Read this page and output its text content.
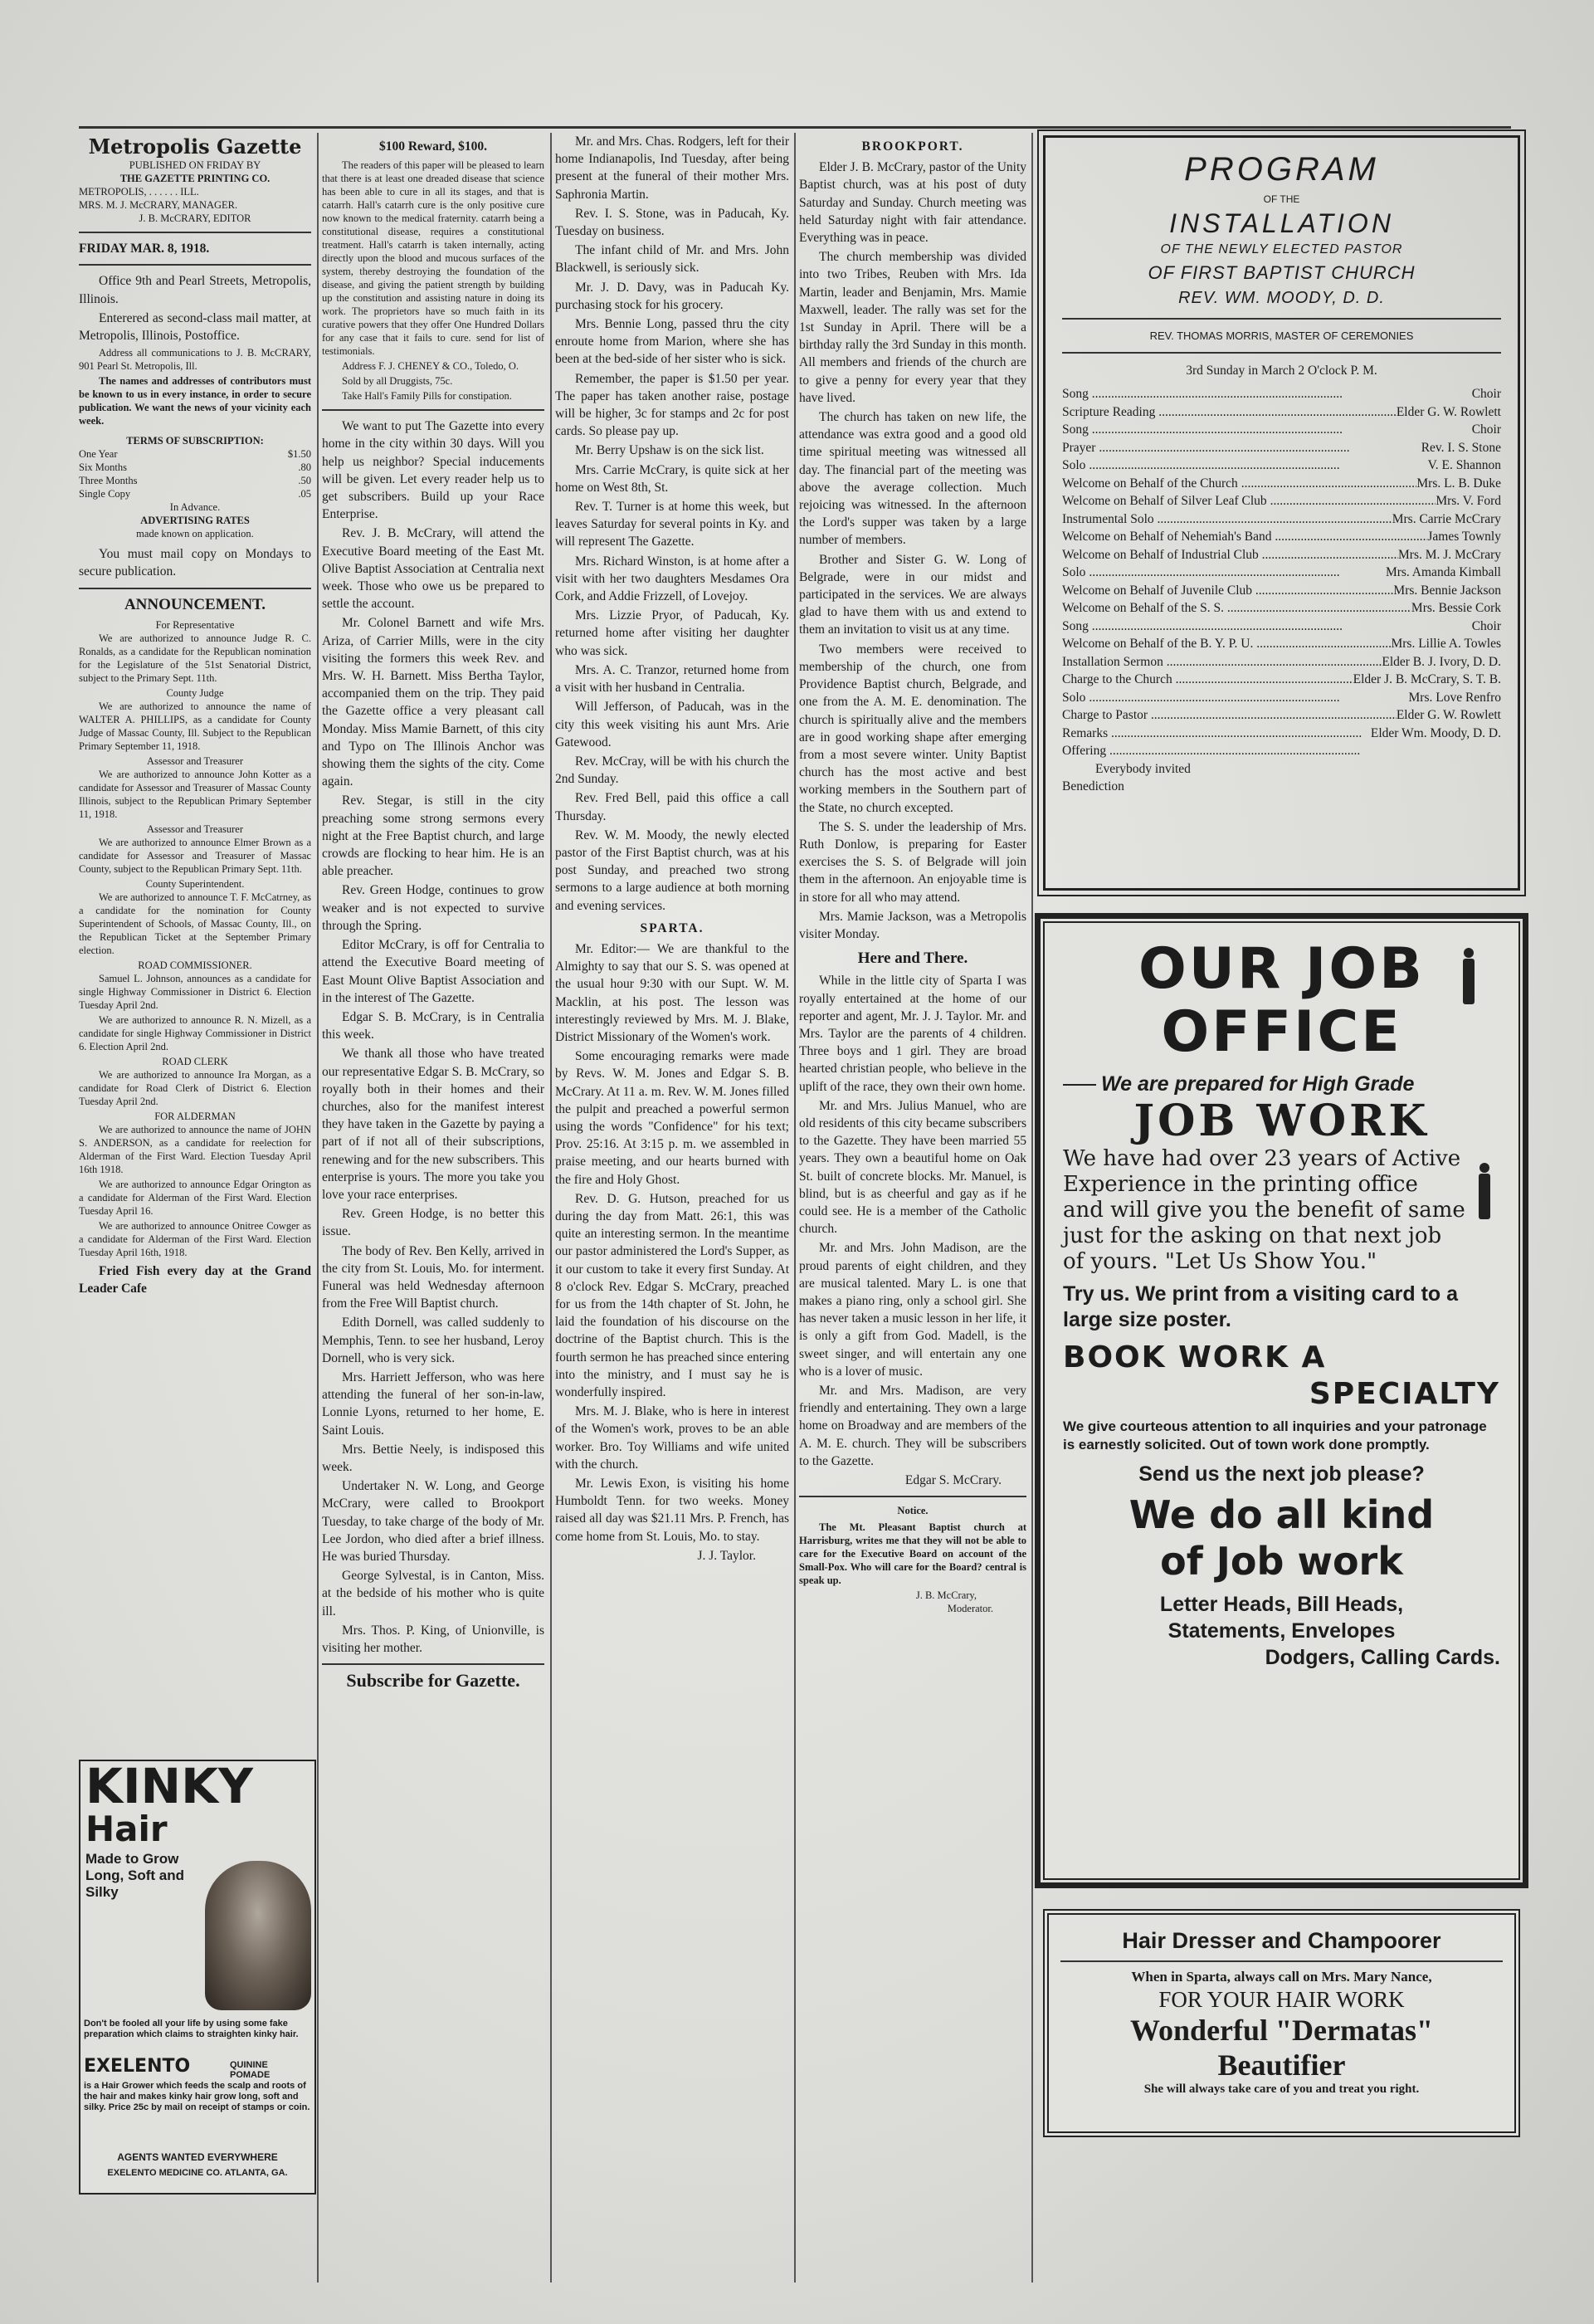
Metropolis Gazette
PUBLISHED ON FRIDAY BY
THE GAZETTE PRINTING CO.
METROPOLIS, . . . . . . ILL.
MRS. M. J. McCRARY, MANAGER.
J. B. McCRARY, EDITOR
FRIDAY MAR. 8, 1918.

Office 9th and Pearl Streets, Metropolis, Illinois.

Enterered as second-class mail matter, at Metropolis, Illinois, Postoffice.

Address all communications to J. B. McCRARY, 901 Pearl St. Metropolis, Ill.

The names and addresses of contributors must be known to us in every instance, in order to secure publication. We want the news of your vicinity each week.

TERMS OF SUBSCRIPTION:
One Year	$1.50
Six Months	.80
Three Months	.50
Single Copy	.05
In Advance.
ADVERTISING RATES
made known on application.

You must mail copy on Mondays to secure publication.

ANNOUNCEMENT.
For Representative

We are authorized to announce Judge R. C. Ronalds, as a candidate for the Republican nomination for the Legislature of the 51st Senatorial District, subject to the Primary Sept. 11th.

County Judge

We are authorized to announce the name of WALTER A. PHILLIPS, as a candidate for County Judge of Massac County, Ill. Subject to the Republican Primary September 11, 1918.

Assessor and Treasurer

We are authorized to announce John Kotter as a candidate for Assessor and Treasurer of Massac County Illinois, subject to the Republican Primary September 11, 1918.

Assessor and Treasurer

We are authorized to announce Elmer Brown as a candidate for Assessor and Treasurer of Massac County, subject to the Republican Primary Sept. 11th.

County Superintendent.

We are authorized to announce T. F. McCatrney, as a candidate for the nomination for County Superintendent of Schools, of Massac County, Ill., on the Republican Ticket at the September Primary election.

ROAD COMMISSIONER.

Samuel L. Johnson, announces as a candidate for single Highway Commissioner in District 6. Election Tuesday April 2nd.

We are authorized to announce R. N. Mizell, as a candidate for single Highway Commissioner in District 6. Election April 2nd.

ROAD CLERK

We are authorized to announce Ira Morgan, as a candidate for Road Clerk of District 6. Election Tuesday April 2nd.

FOR ALDERMAN

We are authorized to announce the name of JOHN S. ANDERSON, as a candidate for reelection for Alderman of the First Ward. Election Tuesday April 16th 1918.

We are authorized to announce Edgar Orington as a candidate for Alderman of the First Ward. Election Tuesday April 16.

We are authorized to announce Onitree Cowger as a candidate for Alderman of the First Ward. Election Tuesday April 16th, 1918.

Fried Fish every day at the Grand Leader Cafe

KINKY
Hair
Made to Grow Long, Soft and Silky
Don't be fooled all your life by using some fake preparation which claims to straighten kinky hair.
EXELENTO	QUININE POMADE
is a Hair Grower which feeds the scalp and roots of the hair and makes kinky hair grow long, soft and silky. Price 25c by mail on receipt of stamps or coin.
AGENTS WANTED EVERYWHERE
EXELENTO MEDICINE CO. ATLANTA, GA.
$100 Reward, $100.

The readers of this paper will be pleased to learn that there is at least one dreaded disease that science has been able to cure in all its stages, and that is catarrh. Hall's catarrh cure is the only positive cure now known to the medical fraternity. catarrh being a constitutional disease, requires a constitutional treatment. Hall's catarrh is taken internally, acting directly upon the blood and mucous surfaces of the system, thereby destroying the foundation of the disease, and giving the patient strength by building up the constitution and assisting nature in doing its work. The proprietors have so much faith in its curative powers that they offer One Hundred Dollars for any case that it fails to cure. send for list of testimonials.

Address F. J. CHENEY & CO., Toledo, O.

Sold by all Druggists, 75c.

Take Hall's Family Pills for constipation.

We want to put The Gazette into every home in the city within 30 days. Will you help us neighbor? Special inducements will be given. Let every reader help us to get subscribers. Build up your Race Enterprise.

Rev. J. B. McCrary, will attend the Executive Board meeting of the East Mt. Olive Baptist Association at Centralia next week. Those who owe us be prepared to settle the account.

Mr. Colonel Barnett and wife Mrs. Ariza, of Carrier Mills, were in the city visiting the formers this week Rev. and Mrs. W. H. Barnett. Miss Bertha Taylor, accompanied them on the trip. They paid the Gazette office a very pleasant call Monday. Miss Mamie Barnett, of this city and Typo on The Illinois Anchor was showing them the sights of the city. Come again.

Rev. Stegar, is still in the city preaching some strong sermons every night at the Free Baptist church, and large crowds are flocking to hear him. He is an able preacher.

Rev. Green Hodge, continues to grow weaker and is not expected to survive through the Spring.

Editor McCrary, is off for Centralia to attend the Executive Board meeting of East Mount Olive Baptist Association and in the interest of The Gazette.

Edgar S. B. McCrary, is in Centralia this week.

We thank all those who have treated our representative Edgar S. B. McCrary, so royally both in their homes and their churches, also for the manifest interest they have taken in the Gazette by paying a part of if not all of their subscriptions, renewing and for the new subscribers. This enterprise is yours. The more you take you love your race enterprises.

Rev. Green Hodge, is no better this issue.

The body of Rev. Ben Kelly, arrived in the city from St. Louis, Mo. for interment. Funeral was held Wednesday afternoon from the Free Will Baptist church.

Edith Dornell, was called suddenly to Memphis, Tenn. to see her husband, Leroy Dornell, who is very sick.

Mrs. Harriett Jefferson, who was here attending the funeral of her son-in-law, Lonnie Lyons, returned to her home, E. Saint Louis.

Mrs. Bettie Neely, is indisposed this week.

Undertaker N. W. Long, and George McCrary, were called to Brookport Tuesday, to take charge of the body of Mr. Lee Jordon, who died after a brief illness. He was buried Thursday.

George Sylvestal, is in Canton, Miss. at the bedside of his mother who is quite ill.

Mrs. Thos. P. King, of Unionville, is visiting her mother.

Subscribe for Gazette.

Mr. and Mrs. Chas. Rodgers, left for their home Indianapolis, Ind Tuesday, after being present at the funeral of their mother Mrs. Saphronia Martin.

Rev. I. S. Stone, was in Paducah, Ky. Tuesday on business.

The infant child of Mr. and Mrs. John Blackwell, is seriously sick.

Mr. J. D. Davy, was in Paducah Ky. purchasing stock for his grocery.

Mrs. Bennie Long, passed thru the city enroute home from Marion, where she has been at the bed-side of her sister who is sick.

Remember, the paper is $1.50 per year. The paper has taken another raise, postage will be higher, 3c for stamps and 2c for post cards. So please pay up.

Mr. Berry Upshaw is on the sick list.

Mrs. Carrie McCrary, is quite sick at her home on West 8th, St.

Rev. T. Turner is at home this week, but leaves Saturday for several points in Ky. and will represent The Gazette.

Mrs. Richard Winston, is at home after a visit with her two daughters Mesdames Ora Cork, and Addie Frizzell, of Lovejoy.

Mrs. Lizzie Pryor, of Paducah, Ky. returned home after visiting her daughter who was sick.

Mrs. A. C. Tranzor, returned home from a visit with her husband in Centralia.

Will Jefferson, of Paducah, was in the city this week visiting his aunt Mrs. Arie Gatewood.

Rev. McCray, will be with his church the 2nd Sunday.

Rev. Fred Bell, paid this office a call Thursday.

Rev. W. M. Moody, the newly elected pastor of the First Baptist church, was at his post Sunday, and preached two strong sermons to a large audience at both morning and evening services.

SPARTA.

Mr. Editor:— We are thankful to the Almighty to say that our S. S. was opened at the usual hour 9:30 with our Supt. W. M. Macklin, at his post. The lesson was interestingly reviewed by Mrs. M. J. Blake, District Missionary of the Women's work.

Some encouraging remarks were made by Revs. W. M. Jones and Edgar S. B. McCrary. At 11 a. m. Rev. W. M. Jones filled the pulpit and preached a powerful sermon using the words "Confidence" for his text; Prov. 25:16. At 3:15 p. m. we assembled in praise meeting, and our hearts burned with the fire and Holy Ghost.

Rev. D. G. Hutson, preached for us during the day from Matt. 26:1, this was quite an interesting sermon. In the meantime our pastor administered the Lord's Supper, as it our custom to take it every first Sunday. At 8 o'clock Rev. Edgar S. McCrary, preached for us from the 14th chapter of St. John, he laid the foundation of his discourse on the doctrine of the Baptist church. This is the fourth sermon he has preached since entering into the ministry, and I must say he is wonderfully inspired.

Mrs. M. J. Blake, who is here in interest of the Women's work, proves to be an able worker. Bro. Toy Williams and wife united with the church.

Mr. Lewis Exon, is visiting his home Humboldt Tenn. for two weeks. Money raised all day was $21.11 Mrs. P. French, has come home from St. Louis, Mo. to stay.

J. J. Taylor.
BROOKPORT.

Elder J. B. McCrary, pastor of the Unity Baptist church, was at his post of duty Saturday and Sunday. Church meeting was held Saturday night with fair attendance. Everything was in peace.

The church membership was divided into two Tribes, Reuben with Mrs. Ida Martin, leader and Benjamin, Mrs. Mamie Maxwell, leader. The rally was set for the 1st Sunday in April. There will be a birthday rally the 3rd Sunday in this month. All members and friends of the church are to give a penny for every year that they have lived.

The church has taken on new life, the attendance was extra good and a good old time spiritual meeting was witnessed all day. The financial part of the meeting was above the average collection. Much rejoicing was witnessed. In the afternoon the Lord's supper was taken by a large number of members.

Brother and Sister G. W. Long of Belgrade, were in our midst and participated in the services. We are always glad to have them with us and extend to them an invitation to visit us at any time.

Two members were received to membership of the church, one from Providence Baptist church, Belgrade, and one from the A. M. E. denomination. The church is spiritually alive and the members are in good working shape after emerging from a most severe winter. Unity Baptist church has the most active and best working members in the Southern part of the State, no church excepted.

The S. S. under the leadership of Mrs. Ruth Donlow, is preparing for Easter exercises the S. S. of Belgrade will join them in the afternoon. An enjoyable time is in store for all who may attend.

Mrs. Mamie Jackson, was a Metropolis visiter Monday.

Here and There.

While in the little city of Sparta I was royally entertained at the home of our reporter and agent, Mr. J. J. Taylor. Mr. and Mrs. Taylor are the parents of 4 children. Three boys and 1 girl. They are broad hearted christian people, who believe in the uplift of the race, they own their own home.

Mr. and Mrs. Julius Manuel, who are old residents of this city became subscribers to the Gazette. They have been married 55 years. They own a beautiful home on Oak St. built of concrete blocks. Mr. Manuel, is blind, but is as cheerful and gay as if he could see. He is a member of the Catholic church.

Mr. and Mrs. John Madison, are the proud parents of eight children, and they are musical talented. Mary L. is one that makes a piano ring, only a school girl. She has never taken a music lesson in her life, it is only a gift from God. Madell, is the sweet singer, and will entertain any one who is a lover of music.

Mr. and Mrs. Madison, are very friendly and entertaining. They own a large home on Broadway and are members of the A. M. E. church. They will be subscribers to the Gazette.

Edgar S. McCrary.
Notice.

The Mt. Pleasant Baptist church at Harrisburg, writes me that they will not be able to care for the Executive Board on account of the Small-Pox. Who will care for the Board? central is speak up.

J. B. McCrary,
Moderator.
PROGRAM
OF THE
INSTALLATION
OF THE NEWLY ELECTED PASTOR
OF FIRST BAPTIST CHURCH
REV. WM. MOODY, D. D.
REV. THOMAS MORRIS, MASTER OF CEREMONIES
3rd Sunday in March 2 O'clock P. M.
Song .....	Choir
Scripture Reading .....	Elder G. W. Rowlett
Song .....	Choir
Prayer .....	Rev. I. S. Stone
Solo .....	V. E. Shannon
Welcome on Behalf of the Church .....	Mrs. L. B. Duke
Welcome on Behalf of Silver Leaf Club .....	Mrs. V. Ford
Instrumental Solo .....	Mrs. Carrie McCrary
Welcome on Behalf of Nehemiah's Band .....	James Townly
Welcome on Behalf of Industrial Club .....	Mrs. M. J. McCrary
Solo .....	Mrs. Amanda Kimball
Welcome on Behalf of Juvenile Club .....	Mrs. Bennie Jackson
Welcome on Behalf of the S. S. .....	Mrs. Bessie Cork
Song .....	Choir
Welcome on Behalf of the B. Y. P. U. .....	Mrs. Lillie A. Towles
Installation Sermon .....	Elder B. J. Ivory, D. D.
Charge to the Church .....	Elder J. B. McCrary, S. T. B.
Solo .....	Mrs. Love Renfro
Charge to Pastor .....	Elder G. W. Rowlett
Remarks .....	Elder Wm. Moody, D. D.
Offering .....
Everybody invited
Benediction
OUR JOB
OFFICE
We are prepared for High Grade
JOB WORK
We have had over 23 years of Active Experience in the printing office and will give you the benefit of same just for the asking on that next job of yours. "Let Us Show You."
Try us. We print from a visiting card to a large size poster.
BOOK WORK A
SPECIALTY
We give courteous attention to all inquiries and your patronage is earnestly solicited. Out of town work done promptly.
Send us the next job please?
We do all kind
of Job work
Letter Heads, Bill Heads,
Statements, Envelopes
Dodgers, Calling Cards.
Hair Dresser and Champoorer
When in Sparta, always call on Mrs. Mary Nance,
FOR YOUR HAIR WORK
Wonderful "Dermatas"
Beautifier
She will always take care of you and treat you right.
